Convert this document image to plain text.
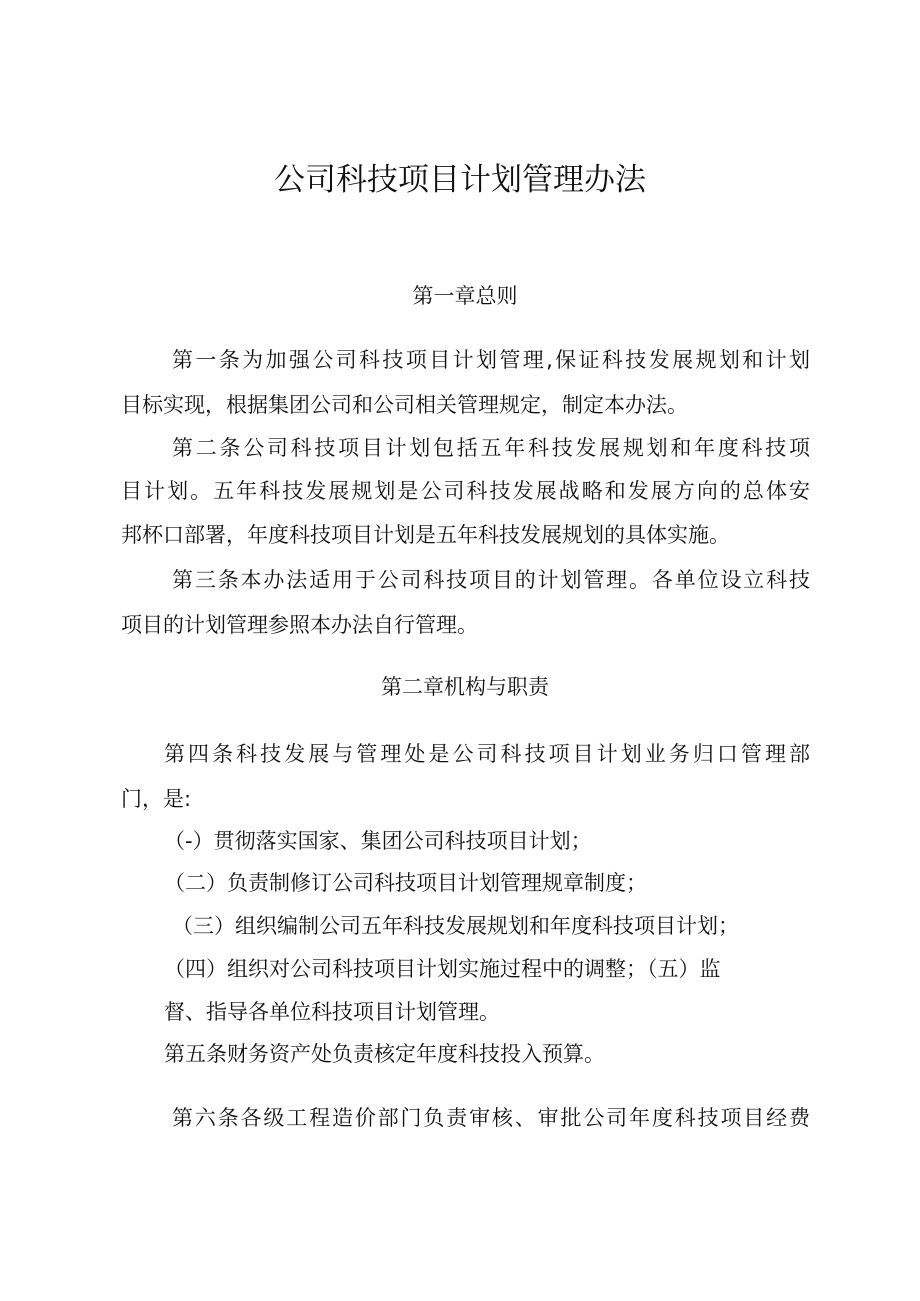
公司科技项目计划管理办法
第一章总则
第一条为加强公司科技项目计划管理,保证科技发展规划和计划
目标实现，根据集团公司和公司相关管理规定，制定本办法。
第二条公司科技项目计划包括五年科技发展规划和年度科技项
目计划。五年科技发展规划是公司科技发展战略和发展方向的总体安
邦杯口部署，年度科技项目计划是五年科技发展规划的具体实施。
第三条本办法适用于公司科技项目的计划管理。各单位设立科技
项目的计划管理参照本办法自行管理。
第二章机构与职责
第四条科技发展与管理处是公司科技项目计划业务归口管理部
门，是:
（-）贯彻落实国家、集团公司科技项目计划；
（二）负责制修订公司科技项目计划管理规章制度；
（三）组织编制公司五年科技发展规划和年度科技项目计划；
（四）组织对公司科技项目计划实施过程中的调整；（五）监
督、指导各单位科技项目计划管理。
第五条财务资产处负责核定年度科技投入预算。
第六条各级工程造价部门负责审核、审批公司年度科技项目经费
